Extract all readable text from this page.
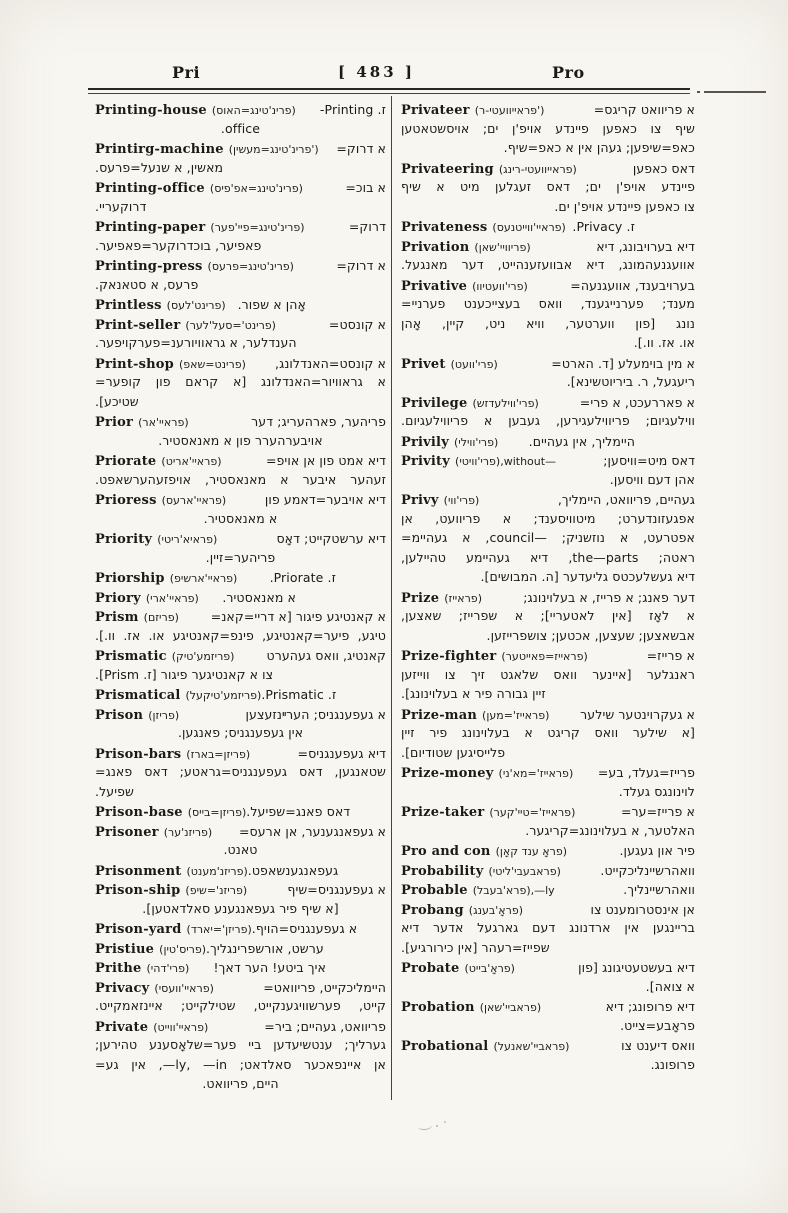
Pri	[ 483 ]	Pro
Printing-house (פרינ'טינג=האוס) ז. Printing-
office.
Printirg-machine (פרינ'טינג=מעשין') א דרוק=
מאשין, א שנעל=פרעס.
Printing-office (פרינ'טינג=אפ'פיס)	א בוכ=
דרוקעריי.
Printing-paper (פרינ'טינג=פיי'פער)	דרוק=
פאפיער, בוכדרוקער=פאפיער.
Printing-press (פרינ'טינג=פרעס)	א דרוק=
פרעס, א סטאנאק.
Printless (פרינט'לעס) אָהן א שפור.
Print-seller (פרינט'=סעל'לער)	א קונסט=
הענדלער, א גראוויורענ=פערקויפער.
Print-shop (פרינט=שאפ) א קונסט=האנדלונג,
א גראוויור=האנדלונג [א קראם פון קופער=
שטיכע].
Prior (פראיי'אר)	פריהער, פארהעריג; דער
אויבערהערר פון א מאנאסטיר.
Priorate (פראיי'אריט)	דיא אמט פון אן אויפ=
זעהער איבער א מאנאסטיר, אויפזעהערשאפט.
Prioress (פראיי'ארעס)	דיא אויבער=דאמע פון
א מאנאסטיר.
Priority (פראיא'ריטי)	דיא ערשטקייט; דאָס
פריהער=זיין.
Priorship (פראיי'ארשיפ)	ז. Priorate.
Priory (פראיי'ארי) א מאנאסטיר.
Prism (פריזם)	א קאנטיגע פיגור [א דריי=קאנ=
טיגע, פיער=קאנטיגע, פינפ=קאנטיגע או. אז. וו.].
Prismatic (פריזמע'טיק)	קאנטיג, וואס געהערט
צו א קאנטיגער פיגור [ז. Prism].
Prismatical (פריזמע'טיקעל) ז. Prismatic.
Prison (פריזן)	א געפענגניס; הערײנזעצען
אין געפענגניס; פאנגען.
Prison-bars (פריזן=בארז)	דיא געפענגניס=
שטאנגען, דאס געפענגניס=גראטע; דאס פאנג=
שפיעל.
Prison-base (פריזן=בייס) דאס פאנג=שפיעל.
Prisoner (פריזנ'ער) א געפאנגענער, אן ארעס=
טאנט.
Prisonment (פריזנ'מענט) געפאנגענשאפט.
Prison-ship (פריזנ'=שיפ)	א געפענגניס=שיף
[א שיף פיר געפאנגענע סאלדאטען].
Prison-yard (פריזן'=יארד) א געפענגניס=הויף.
Pristiue (פריס'טין) ערשט, אורשפרינגליך.
Prithe (פרי'דהי) איך ביטע! הער דאך!
Privacy (פראיי'וועסי)	היימליכקייט, פריוואט=
קייט, פערשוויגענקייט, שטילקייט; איינזאמקייט.
Private (פראיי'ווייט)	פריוואט, געהיים; ביר=
גערליך; ענטשיעדען ביי פער=שלאָסענע טהירען;
אן איינפאכער סאלדאט; ‎—ly, ‎—in, אין גע=
היים, פריוואט.
Privateer (פראייוועטי-ר')	א פריוואט קריגס=
שיף צו כאפען פיינדע אויפ'ן ים; אויסשטאטען
כאפ=שיפען; געהן אין א כאפ=שיף.
Privateering (פראייוועטי-רינג)	דאס כאפען
פיינדע אויפ'ן ים; דאס זעגלען מיט א שיף
צו כאפען פיינדע אויפ'ן ים.
Privateness (פראיי'ווייטנעס) ז. Privacy.
Privation (פריוויי'שאן)	דיא בערויבונג, דיא
אוועגנעהמונג, דיא אבוועזענהייט, דער מאנגעל.
Privative (פרי'וועטיוו)	בערויבענד, אוועגנעה=
מענד; פערנייגענד, וואס בעצייכענט פערניי=
נונג [פון ווערטער, וויא ניט, קיין, אָהן
או. אז. וו.].
Privet (פרי'וועט)	א מין בוימעלע [ד. הארט=
ריעגעל, ר. ביריוטשינא].
Privilege (פרי'ווילעדזש)	א פאררעכט, א פרי=
ווילעגיום; פריווילעגירען, געבען א פריווילעגיום.
Privily (פרי'ווילי) היימליך, אין געהיים.
Privity (פרי'וויטי),without—	דאס מיט=וויסען;
אהן דעם וויסען.
Privy (פרי'ווי)	געהיים, פריוואט, היימליך,
אפגעזונדערט; מיטוויסענד; א פריוועט, אן
אפטרעט, א נוזשניק; ‎council—‎, א געהיימ=
ראטה; ‎the—parts‎, דיא געהיימע טהיילען,
דיא געשלעכטס גליעדער [ה. המבושים].
Prize (פראייז)	דער פאנג; א פרייז, א בעלוינונג;
א לאָז [אין לאטעריי]; א שפרייז; שאצען,
אבשאצען; שעצען, אכטען; צושפרייזען.
Prize-fighter (פראייז=פאייטער)	א פרייז=
ראנגלער [איינער וואס שלאגט זיך צו ווייזען
זיין גבורה פיר א בעלוינונג].
Prize-man (פראייז'=מען) א געקרוינטער שילער
[א שילער וואס קריגט א בעלוינונג פיר זיין
פלייסיגען שטודיום].
Prize-money (פראייז'=מא'ני) פרייז=געלד, בע=
לוינונגס געלד.
Prize-taker (פראייז'=טיי'קער)	א פרייז=ער=
האלטער, א בעלוינונג=קריגער.
Pro and con (פראָ ענד קאָן)	פיר און געגען.
Probability (פראבעבי'ליטי)	וואהרשיינליכקייט.
Probable (פרא'בעבל),‎—ly	וואהרשיינליך.
Probang (פראָ'בענג)	אן אינסטרומענט צו
בריינגען אין ארדנונג דעם גארגעל אדער דיא
שפייז=רעהר [אין כירורגיע].
Probate (פראָ'בייט)	דיא בעשטעטיגונג [פון
א צואה].
Probation (פראביי'שאן)	דיא פרופונג; דיא
פראָבע=צייט.
Probational (פראביי'שאנעל)	וואס דיענט צו
פרופונג.
